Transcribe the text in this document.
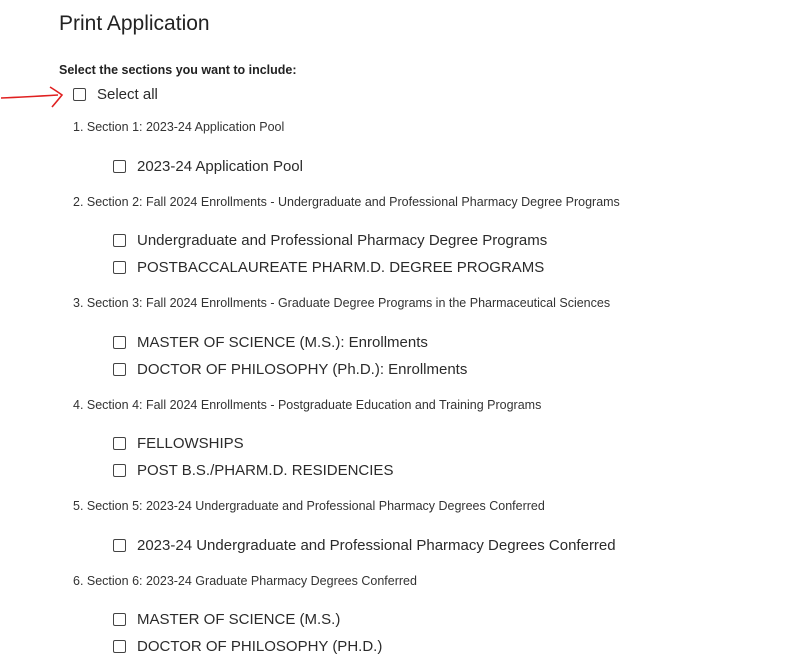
Print Application
Select the sections you want to include:
Select all
1. Section 1: 2023-24 Application Pool
2023-24 Application Pool
2. Section 2: Fall 2024 Enrollments - Undergraduate and Professional Pharmacy Degree Programs
Undergraduate and Professional Pharmacy Degree Programs
POSTBACCALAUREATE PHARM.D. DEGREE PROGRAMS
3. Section 3: Fall 2024 Enrollments - Graduate Degree Programs in the Pharmaceutical Sciences
MASTER OF SCIENCE (M.S.): Enrollments
DOCTOR OF PHILOSOPHY (Ph.D.): Enrollments
4. Section 4: Fall 2024 Enrollments - Postgraduate Education and Training Programs
FELLOWSHIPS
POST B.S./PHARM.D. RESIDENCIES
5. Section 5: 2023-24 Undergraduate and Professional Pharmacy Degrees Conferred
2023-24 Undergraduate and Professional Pharmacy Degrees Conferred
6. Section 6: 2023-24 Graduate Pharmacy Degrees Conferred
MASTER OF SCIENCE (M.S.)
DOCTOR OF PHILOSOPHY (PH.D.)
